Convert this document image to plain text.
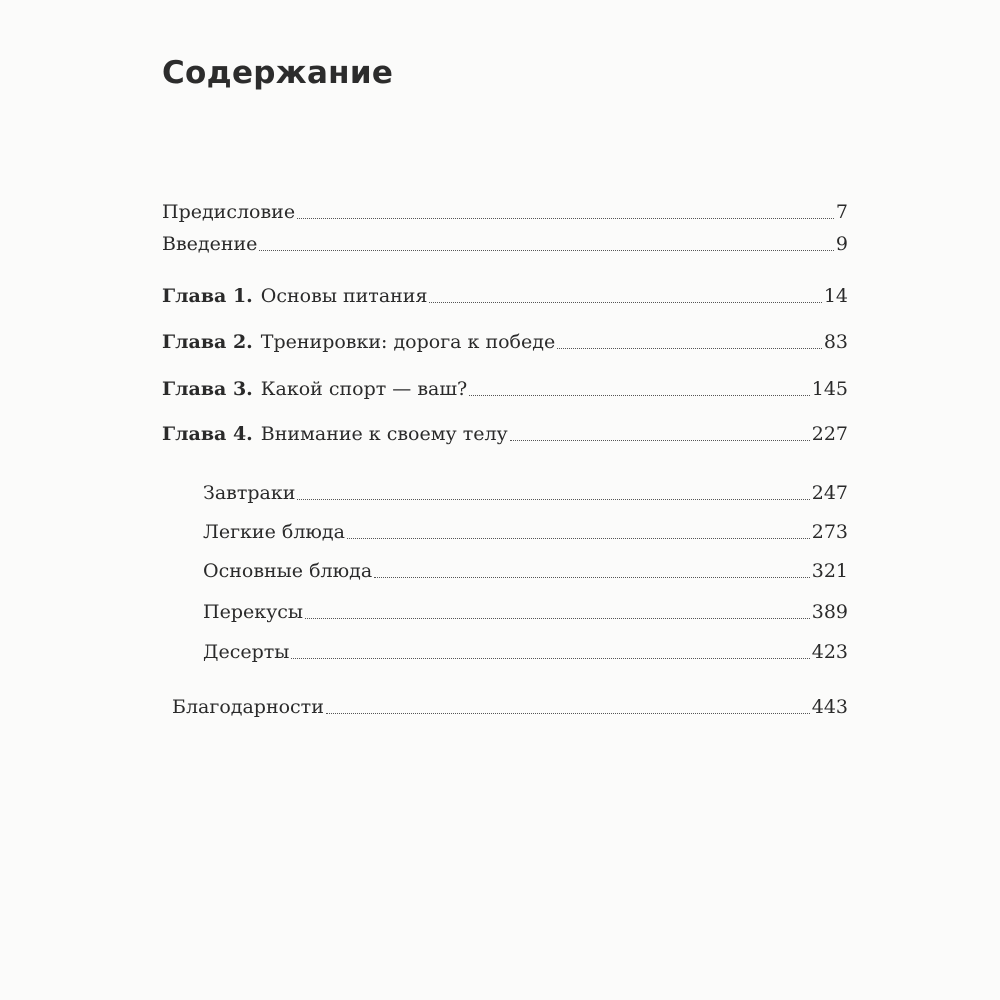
Содержание
Предисловие	7
Введение	9
Глава 1. Основы питания	14
Глава 2. Тренировки: дорога к победе	83
Глава 3. Какой спорт — ваш?	145
Глава 4. Внимание к своему телу	227
Завтраки	247
Легкие блюда	273
Основные блюда	321
Перекусы	389
Десерты	423
Благодарности	443
